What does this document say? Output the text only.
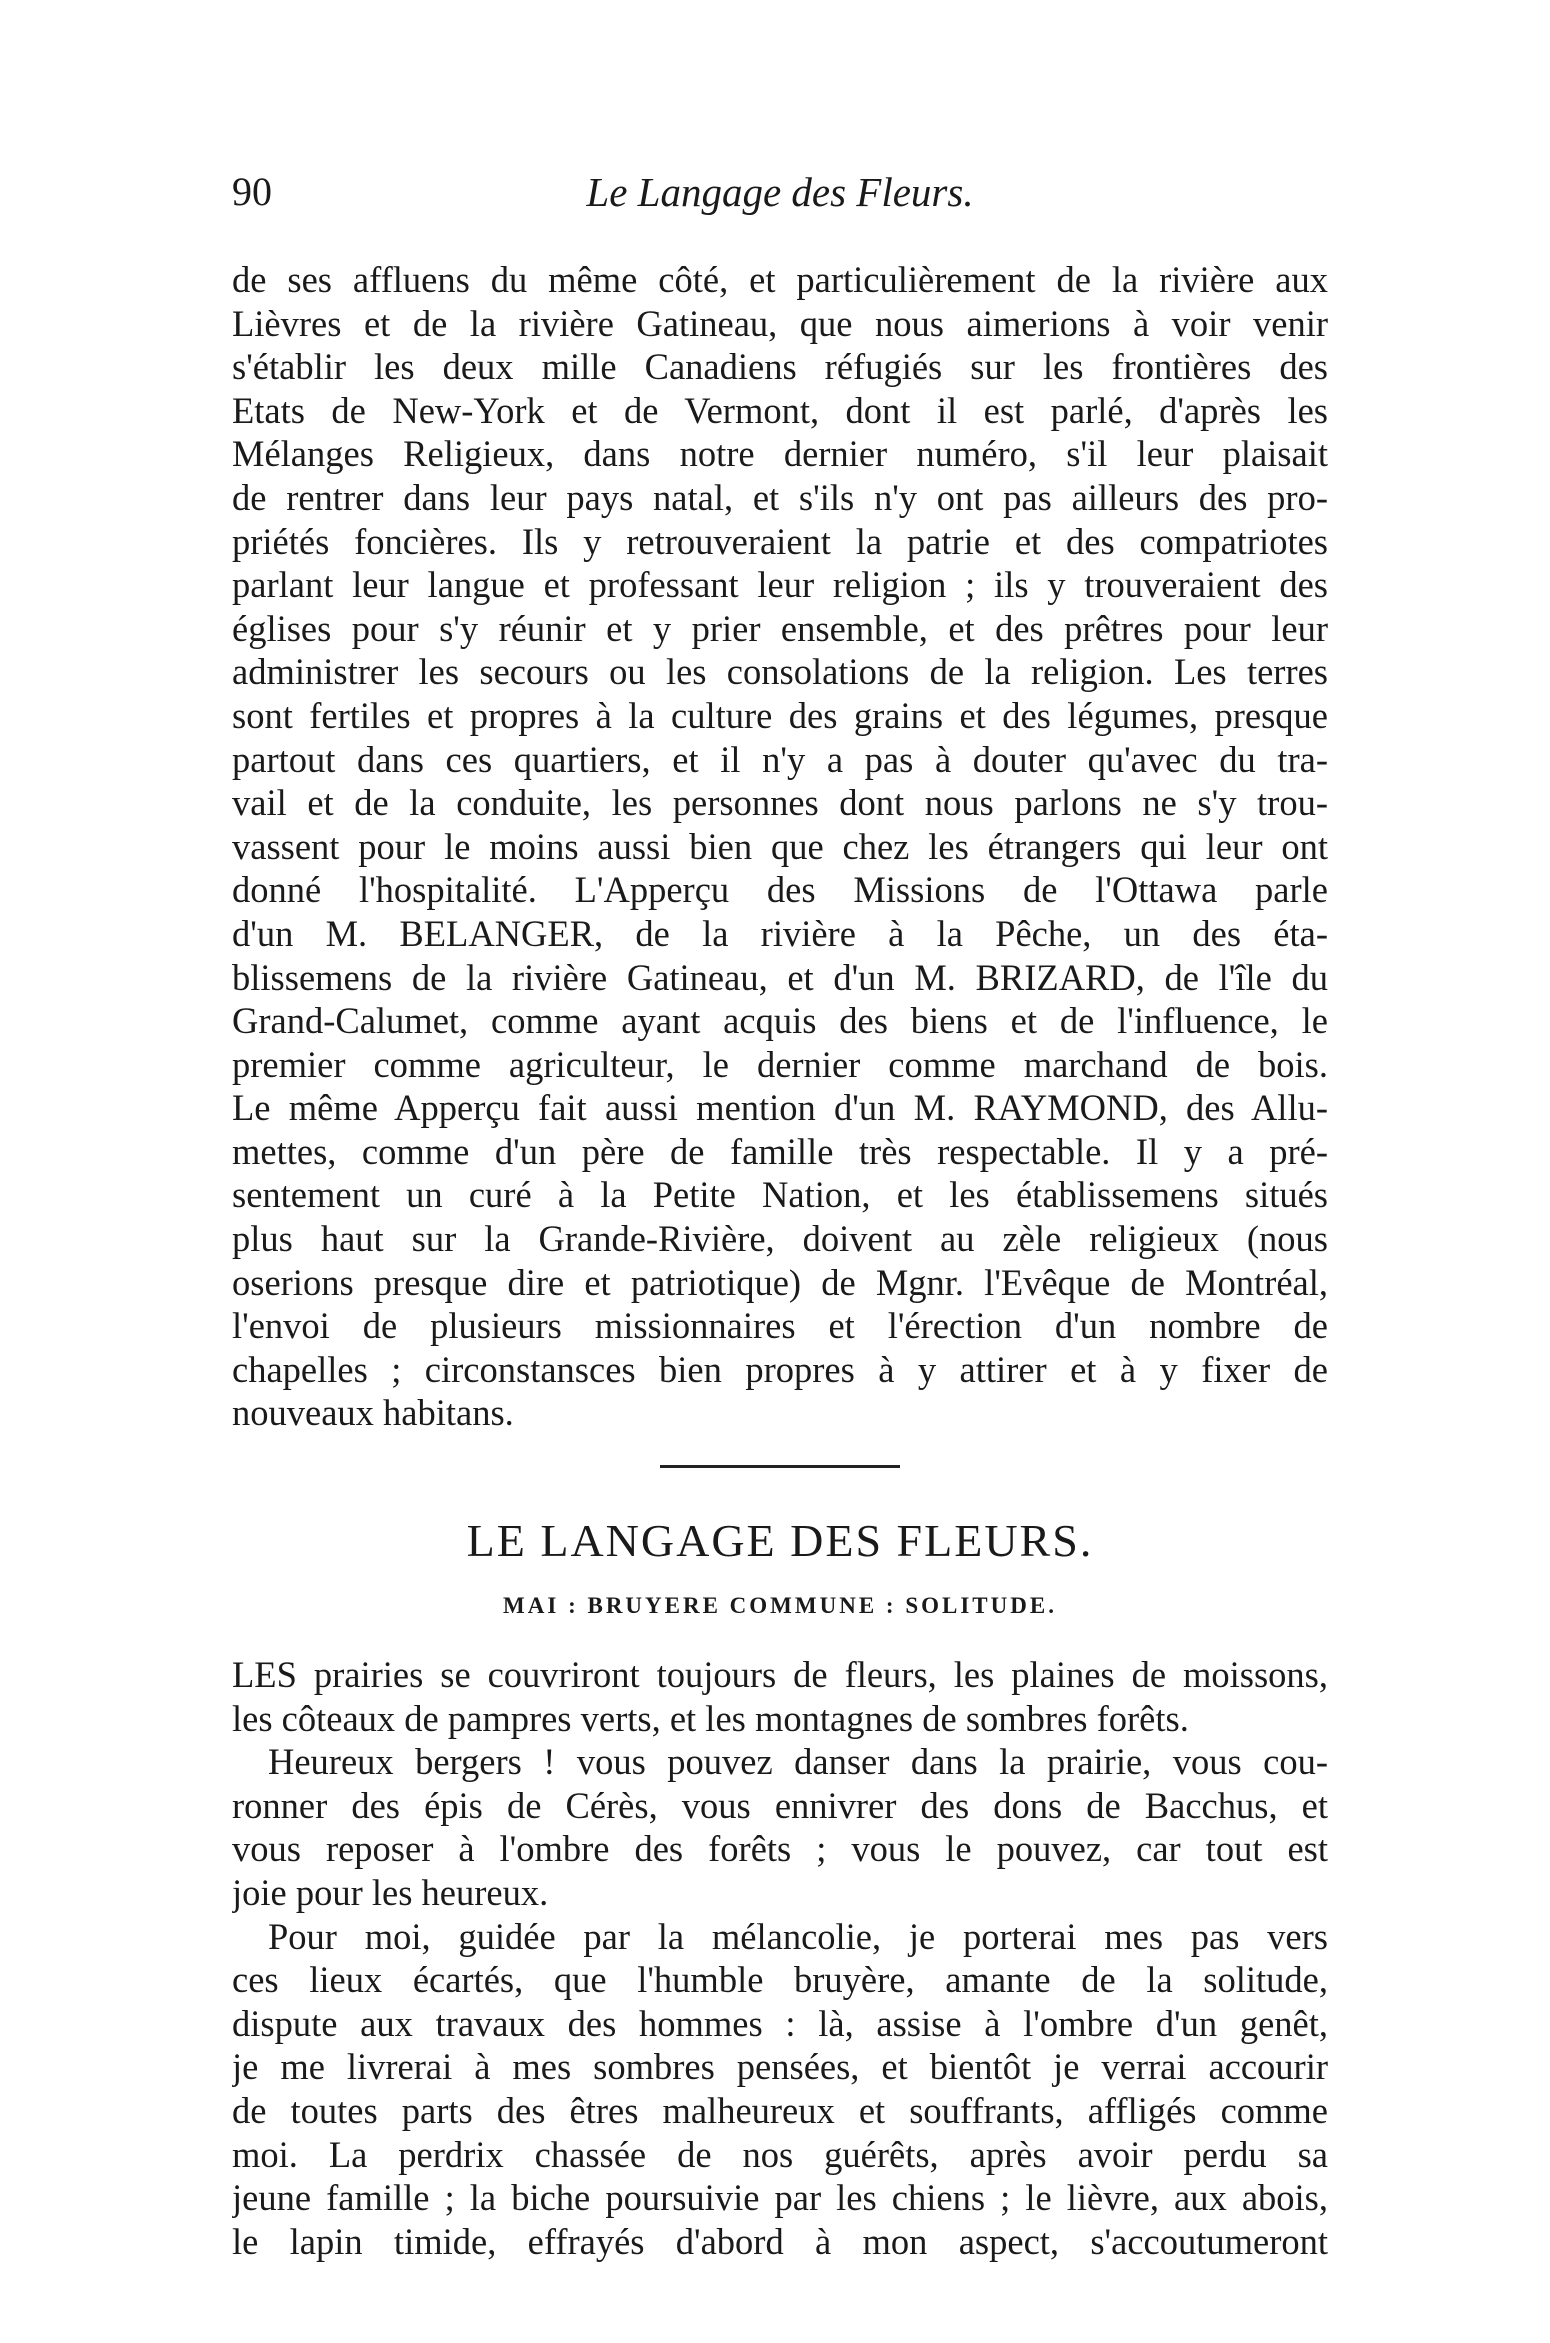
90	Le Langage des Fleurs.
de ses affluens du même côté, et particulièrement de la rivière aux
Lièvres et de la rivière Gatineau, que nous aimerions à voir venir
s'établir les deux mille Canadiens réfugiés sur les frontières des
Etats de New-York et de Vermont, dont il est parlé, d'après les
Mélanges Religieux, dans notre dernier numéro, s'il leur plaisait
de rentrer dans leur pays natal, et s'ils n'y ont pas ailleurs des pro-
priétés foncières. Ils y retrouveraient la patrie et des compatriotes
parlant leur langue et professant leur religion ; ils y trouveraient des
églises pour s'y réunir et y prier ensemble, et des prêtres pour leur
administrer les secours ou les consolations de la religion. Les terres
sont fertiles et propres à la culture des grains et des légumes, presque
partout dans ces quartiers, et il n'y a pas à douter qu'avec du tra-
vail et de la conduite, les personnes dont nous parlons ne s'y trou-
vassent pour le moins aussi bien que chez les étrangers qui leur ont
donné l'hospitalité. L'Apperçu des Missions de l'Ottawa parle
d'un M. BELANGER, de la rivière à la Pêche, un des éta-
blissemens de la rivière Gatineau, et d'un M. BRIZARD, de l'île du
Grand-Calumet, comme ayant acquis des biens et de l'influence, le
premier comme agriculteur, le dernier comme marchand de bois.
Le même Apperçu fait aussi mention d'un M. RAYMOND, des Allu-
mettes, comme d'un père de famille très respectable. Il y a pré-
sentement un curé à la Petite Nation, et les établissemens situés
plus haut sur la Grande-Rivière, doivent au zèle religieux (nous
oserions presque dire et patriotique) de Mgnr. l'Evêque de Montréal,
l'envoi de plusieurs missionnaires et l'érection d'un nombre de
chapelles ; circonstansces bien propres à y attirer et à y fixer de
nouveaux habitans.
LE LANGAGE DES FLEURS.
MAI : BRUYERE COMMUNE : SOLITUDE.
LES prairies se couvriront toujours de fleurs, les plaines de moissons,
les côteaux de pampres verts, et les montagnes de sombres forêts.
Heureux bergers ! vous pouvez danser dans la prairie, vous cou-
ronner des épis de Cérès, vous ennivrer des dons de Bacchus, et
vous reposer à l'ombre des forêts ; vous le pouvez, car tout est
joie pour les heureux.
Pour moi, guidée par la mélancolie, je porterai mes pas vers
ces lieux écartés, que l'humble bruyère, amante de la solitude,
dispute aux travaux des hommes : là, assise à l'ombre d'un genêt,
je me livrerai à mes sombres pensées, et bientôt je verrai accourir
de toutes parts des êtres malheureux et souffrants, affligés comme
moi. La perdrix chassée de nos guérêts, après avoir perdu sa
jeune famille ; la biche poursuivie par les chiens ; le lièvre, aux abois,
le lapin timide, effrayés d'abord à mon aspect, s'accoutumeront
